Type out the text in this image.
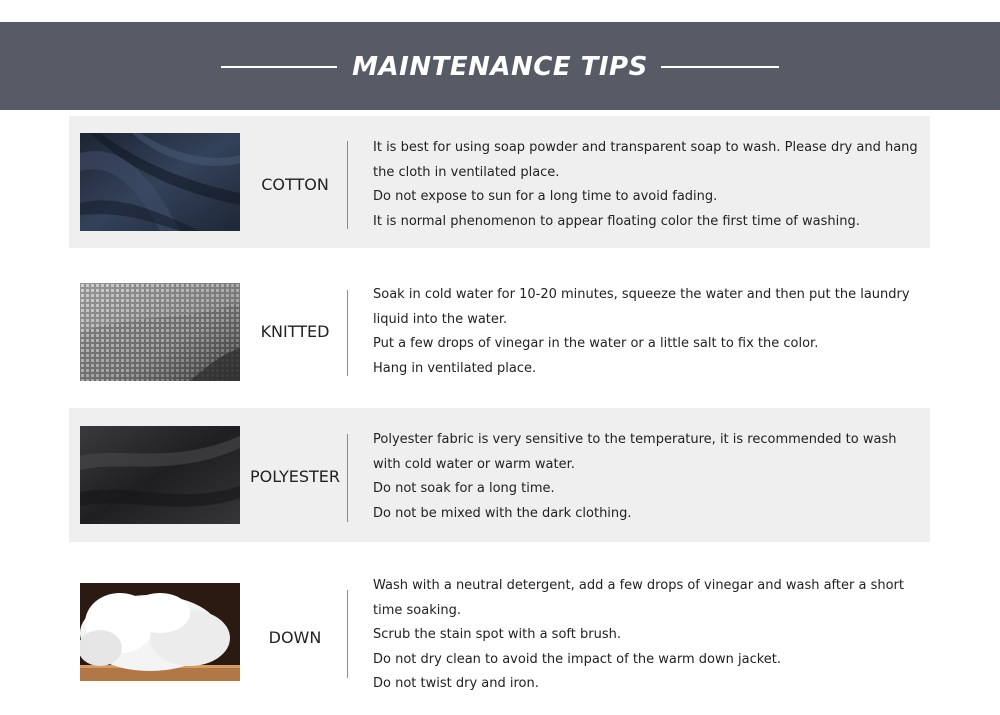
MAINTENANCE TIPS
COTTON

It is best for using soap powder and transparent soap to wash. Please dry and hang the cloth in ventilated place.

Do not expose to sun for a long time to avoid fading.

It is normal phenomenon to appear floating color the first time of washing.

KNITTED

Soak in cold water for 10-20 minutes, squeeze the water and then put the laundry liquid into the water.

Put a few drops of vinegar in the water or a little salt to fix the color.

Hang in ventilated place.

POLYESTER

Polyester fabric is very sensitive to the temperature, it is recommended to wash with cold water or warm water.

Do not soak for a long time.

Do not be mixed with the dark clothing.

DOWN

Wash with a neutral detergent, add a few drops of vinegar and wash after a short time soaking.

Scrub the stain spot with a soft brush.

Do not dry clean to avoid the impact of the warm down jacket.

Do not twist dry and iron.
